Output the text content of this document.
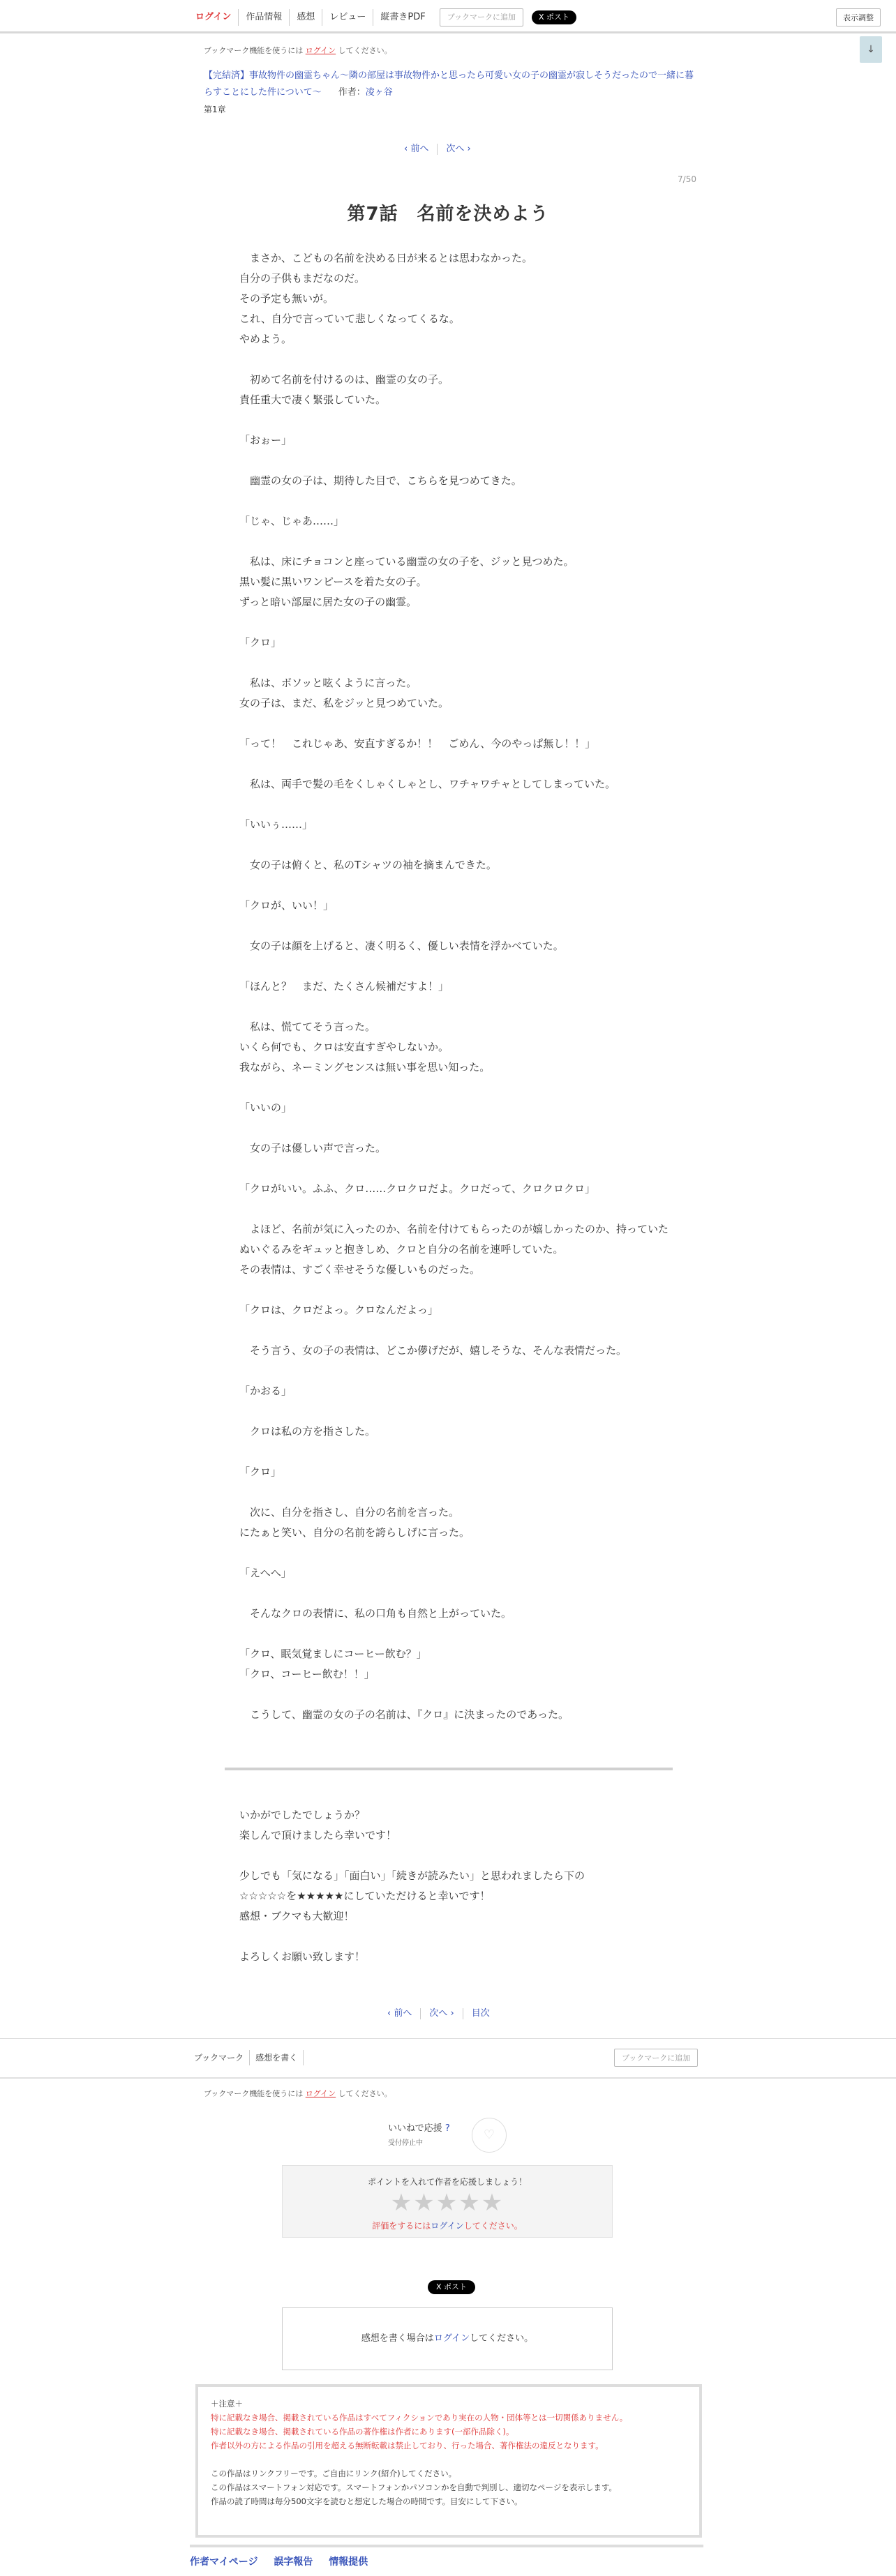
ログイン	作品情報	感想	レビュー	縦書きPDF	ブックマークに追加	X ポスト	表示調整
↓
ブックマーク機能を使うには ログイン してください。
【完結済】事故物件の幽霊ちゃん〜隣の部屋は事故物件かと思ったら可愛い女の子の幽霊が寂しそうだったので一緒に暮らすことにした件について〜 作者：凌ヶ谷
第1章
‹ 前へ	次へ ›
7/50
第7話　名前を決めよう

　まさか、こどもの名前を決める日が来るとは思わなかった。
自分の子供もまだなのだ。
その予定も無いが。
これ、自分で言っていて悲しくなってくるな。
やめよう。

　初めて名前を付けるのは、幽霊の女の子。
責任重大で凄く緊張していた。

「おぉー」

　幽霊の女の子は、期待した目で、こちらを見つめてきた。

「じゃ、じゃあ……」

　私は、床にチョコンと座っている幽霊の女の子を、ジッと見つめた。
黒い髪に黒いワンピースを着た女の子。
ずっと暗い部屋に居た女の子の幽霊。

「クロ」

　私は、ボソッと呟くように言った。
女の子は、まだ、私をジッと見つめていた。

「って！　これじゃあ、安直すぎるか！！　ごめん、今のやっぱ無し！！」

　私は、両手で髪の毛をくしゃくしゃとし、ワチャワチャとしてしまっていた。

「いいぅ……」

　女の子は俯くと、私のTシャツの袖を摘まんできた。

「クロが、いい！」

　女の子は顔を上げると、凄く明るく、優しい表情を浮かべていた。

「ほんと？　まだ、たくさん候補だすよ！」

　私は、慌ててそう言った。
いくら何でも、クロは安直すぎやしないか。
我ながら、ネーミングセンスは無い事を思い知った。

「いいの」

　女の子は優しい声で言った。

「クロがいい。ふふ、クロ……クロクロだよ。クロだって、クロクロクロ」

　よほど、名前が気に入ったのか、名前を付けてもらったのが嬉しかったのか、持っていたぬいぐるみをギュッと抱きしめ、クロと自分の名前を連呼していた。
その表情は、すごく幸せそうな優しいものだった。

「クロは、クロだよっ。クロなんだよっ」

　そう言う、女の子の表情は、どこか儚げだが、嬉しそうな、そんな表情だった。

「かおる」

　クロは私の方を指さした。

「クロ」

　次に、自分を指さし、自分の名前を言った。
にたぁと笑い、自分の名前を誇らしげに言った。

「えへへ」

　そんなクロの表情に、私の口角も自然と上がっていた。

「クロ、眠気覚ましにコーヒー飲む？」
「クロ、コーヒー飲む！！」

　こうして、幽霊の女の子の名前は、『クロ』に決まったのであった。

いかがでしたでしょうか？
楽しんで頂けましたら幸いです！

少しでも「気になる」「面白い」「続きが読みたい」と思われましたら下の
☆☆☆☆☆を★★★★★にしていただけると幸いです！
感想・ブクマも大歓迎！

よろしくお願い致します！

‹ 前へ	次へ ›	目次
ブックマーク	感想を書く	ブックマークに追加
ブックマーク機能を使うには ログイン してください。
いいねで応援 ?
受付停止中
♡
ポイントを入れて作者を応援しましょう！
★★★★★
評価をするにはログインしてください。
X ポスト
感想を書く場合はログインしてください。
＋注意＋
特に記載なき場合、掲載されている作品はすべてフィクションであり実在の人物・団体等とは一切関係ありません。
特に記載なき場合、掲載されている作品の著作権は作者にあります(一部作品除く)。
作者以外の方による作品の引用を超える無断転載は禁止しており、行った場合、著作権法の違反となります。
この作品はリンクフリーです。ご自由にリンク(紹介)してください。
この作品はスマートフォン対応です。スマートフォンかパソコンかを自動で判別し、適切なページを表示します。
作品の読了時間は毎分500文字を読むと想定した場合の時間です。目安にして下さい。
作者マイページ 誤字報告 情報提供
